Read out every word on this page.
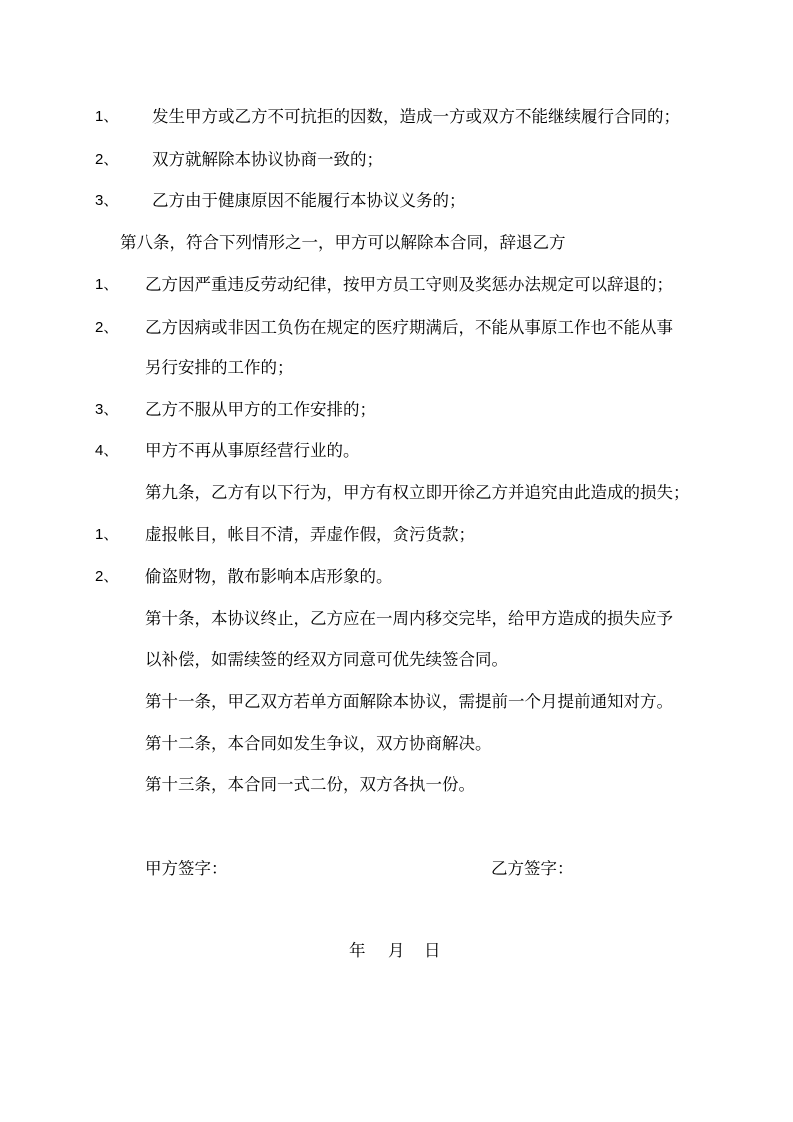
1、 发生甲方或乙方不可抗拒的因数，造成一方或双方不能继续履行合同的；
2、 双方就解除本协议协商一致的；
3、 乙方由于健康原因不能履行本协议义务的；
第八条，符合下列情形之一，甲方可以解除本合同，辞退乙方
1、 乙方因严重违反劳动纪律，按甲方员工守则及奖惩办法规定可以辞退的；
2、 乙方因病或非因工负伤在规定的医疗期满后，不能从事原工作也不能从事
另行安排的工作的；
3、 乙方不服从甲方的工作安排的；
4、 甲方不再从事原经营行业的。
第九条，乙方有以下行为，甲方有权立即开徐乙方并追究由此造成的损失；
1、 虚报帐目，帐目不清，弄虚作假，贪污货款；
2、 偷盗财物，散布影响本店形象的。
第十条，本协议终止，乙方应在一周内移交完毕，给甲方造成的损失应予
以补偿，如需续签的经双方同意可优先续签合同。
第十一条，甲乙双方若单方面解除本协议，需提前一个月提前通知对方。
第十二条，本合同如发生争议，双方协商解决。
第十三条，本合同一式二份，双方各执一份。
甲方签字：	乙方签字：
年 月 日
